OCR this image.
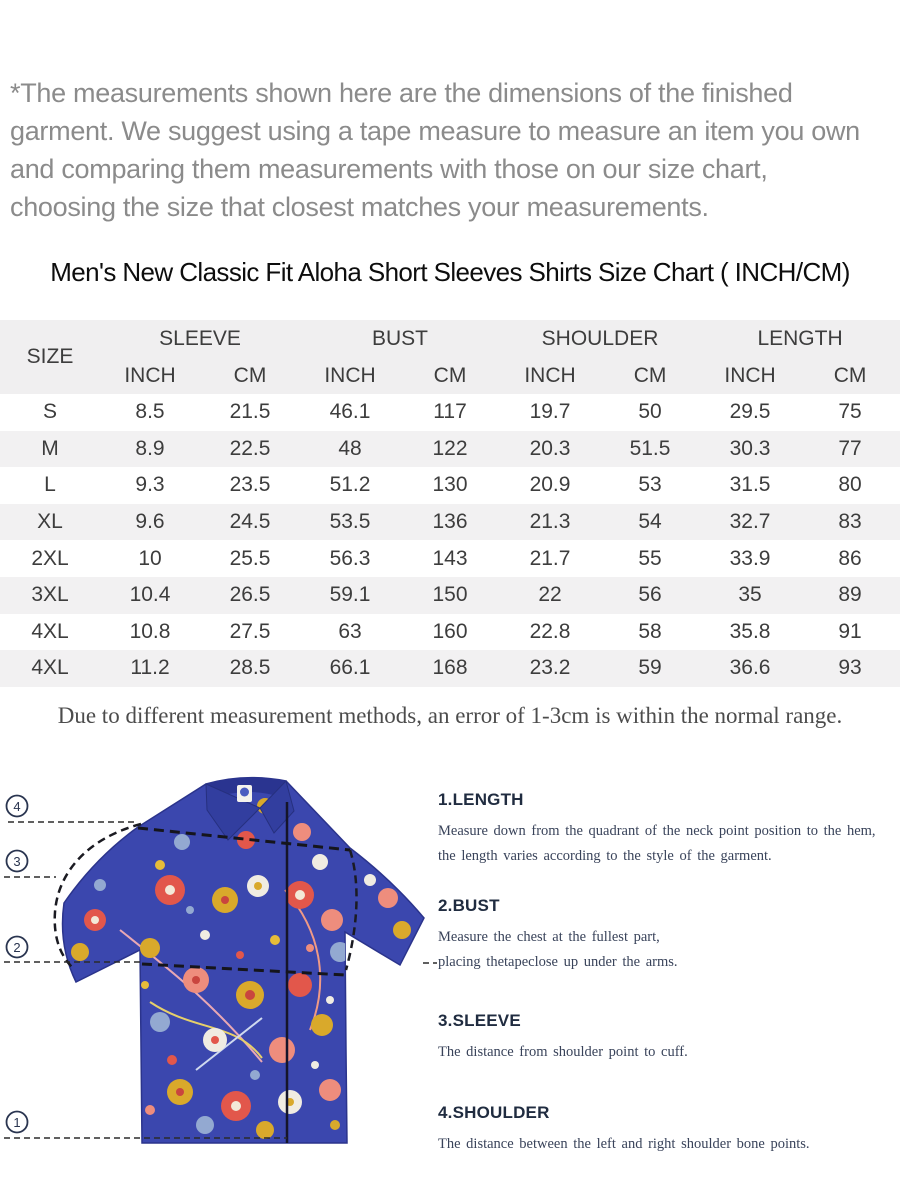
*The measurements shown here are the dimensions of the finished
garment. We suggest using a tape measure to measure an item you own
and comparing them measurements with those on our size chart,
choosing the size that closest matches your measurements.
Men's New Classic Fit Aloha Short Sleeves Shirts Size Chart ( INCH/CM)
SIZE	SLEEVE		BUST		SHOULDER		LENGTH	
	INCH	CM	INCH	CM	INCH	CM	INCH	CM
S	8.5	21.5	46.1	117	19.7	50	29.5	75
M	8.9	22.5	48	122	20.3	51.5	30.3	77
L	9.3	23.5	51.2	130	20.9	53	31.5	80
XL	9.6	24.5	53.5	136	21.3	54	32.7	83
2XL	10	25.5	56.3	143	21.7	55	33.9	86
3XL	10.4	26.5	59.1	150	22	56	35	89
4XL	10.8	27.5	63	160	22.8	58	35.8	91
4XL	11.2	28.5	66.1	168	23.2	59	36.6	93
Due to different measurement methods, an error of 1-3cm is within the normal range.
4
3
2
1
1.LENGTH
Measure down from the quadrant of the neck point position to the hem,
the length varies according to the style of the garment.
2.BUST
Measure the chest at the fullest part,
placing thetapeclose up under the arms.
3.SLEEVE
The distance from shoulder point to cuff.
4.SHOULDER
The distance between the left and right shoulder bone points.
